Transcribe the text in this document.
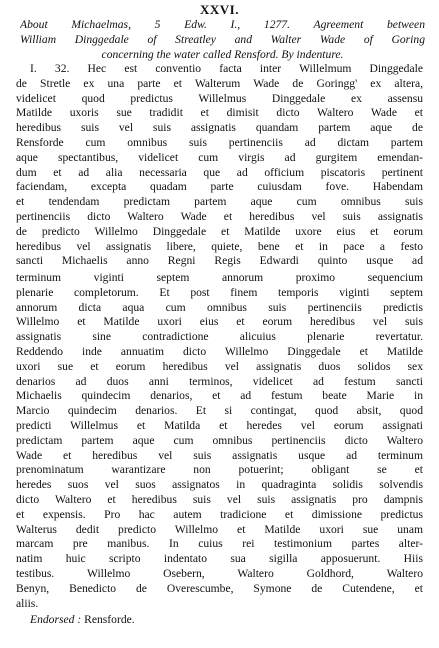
XXVI.
About Michaelmas, 5 Edw. I., 1277. Agreement between
William Dinggedale of Streatley and Walter Wade of Goring
concerning the water called Rensford. By indenture.
I. 32. Hec est conventio facta inter Willelmum Dinggedale
de Stretle ex una parte et Walterum Wade de Goringg' ex altera,
videlicet quod predictus Willelmus Dinggedale ex assensu
Matilde uxoris sue tradidit et dimisit dicto Waltero Wade et
heredibus suis vel suis assignatis quandam partem aque de
Rensforde cum omnibus suis pertinenciis ad dictam partem
aque spectantibus, videlicet cum virgis ad gurgitem emendan-
dum et ad alia necessaria que ad officium piscatoris pertinent
faciendam, excepta quadam parte cuiusdam fove. Habendam
et tendendam predictam partem aque cum omnibus suis
pertinenciis dicto Waltero Wade et heredibus vel suis assignatis
de predicto Willelmo Dinggedale et Matilde uxore eius et eorum
heredibus vel assignatis libere, quiete, bene et in pace a festo
sancti Michaelis anno Regni Regis Edwardi quinto usque ad
terminum viginti septem annorum proximo sequencium
plenarie completorum. Et post finem temporis viginti septem
annorum dicta aqua cum omnibus suis pertinenciis predictis
Willelmo et Matilde uxori eius et eorum heredibus vel suis
assignatis sine contradictione alicuius plenarie revertatur.
Reddendo inde annuatim dicto Willelmo Dinggedale et Matilde
uxori sue et eorum heredibus vel assignatis duos solidos sex
denarios ad duos anni terminos, videlicet ad festum sancti
Michaelis quindecim denarios, et ad festum beate Marie in
Marcio quindecim denarios. Et si contingat, quod absit, quod
predicti Willelmus et Matilda et heredes vel eorum assignati
predictam partem aque cum omnibus pertinenciis dicto Waltero
Wade et heredibus vel suis assignatis usque ad terminum
prenominatum warantizare non potuerint; obligant se et
heredes suos vel suos assignatos in quadraginta solidis solvendis
dicto Waltero et heredibus suis vel suis assignatis pro dampnis
et expensis. Pro hac autem tradicione et dimissione predictus
Walterus dedit predicto Willelmo et Matilde uxori sue unam
marcam pre manibus. In cuius rei testimonium partes alter-
natim huic scripto indentato sua sigilla apposuerunt. Hiis
testibus. Willelmo Osebern, Waltero Goldhord, Waltero
Benyn, Benedicto de Overescumbe, Symone de Cutendene, et
aliis.
Endorsed : Rensforde.
